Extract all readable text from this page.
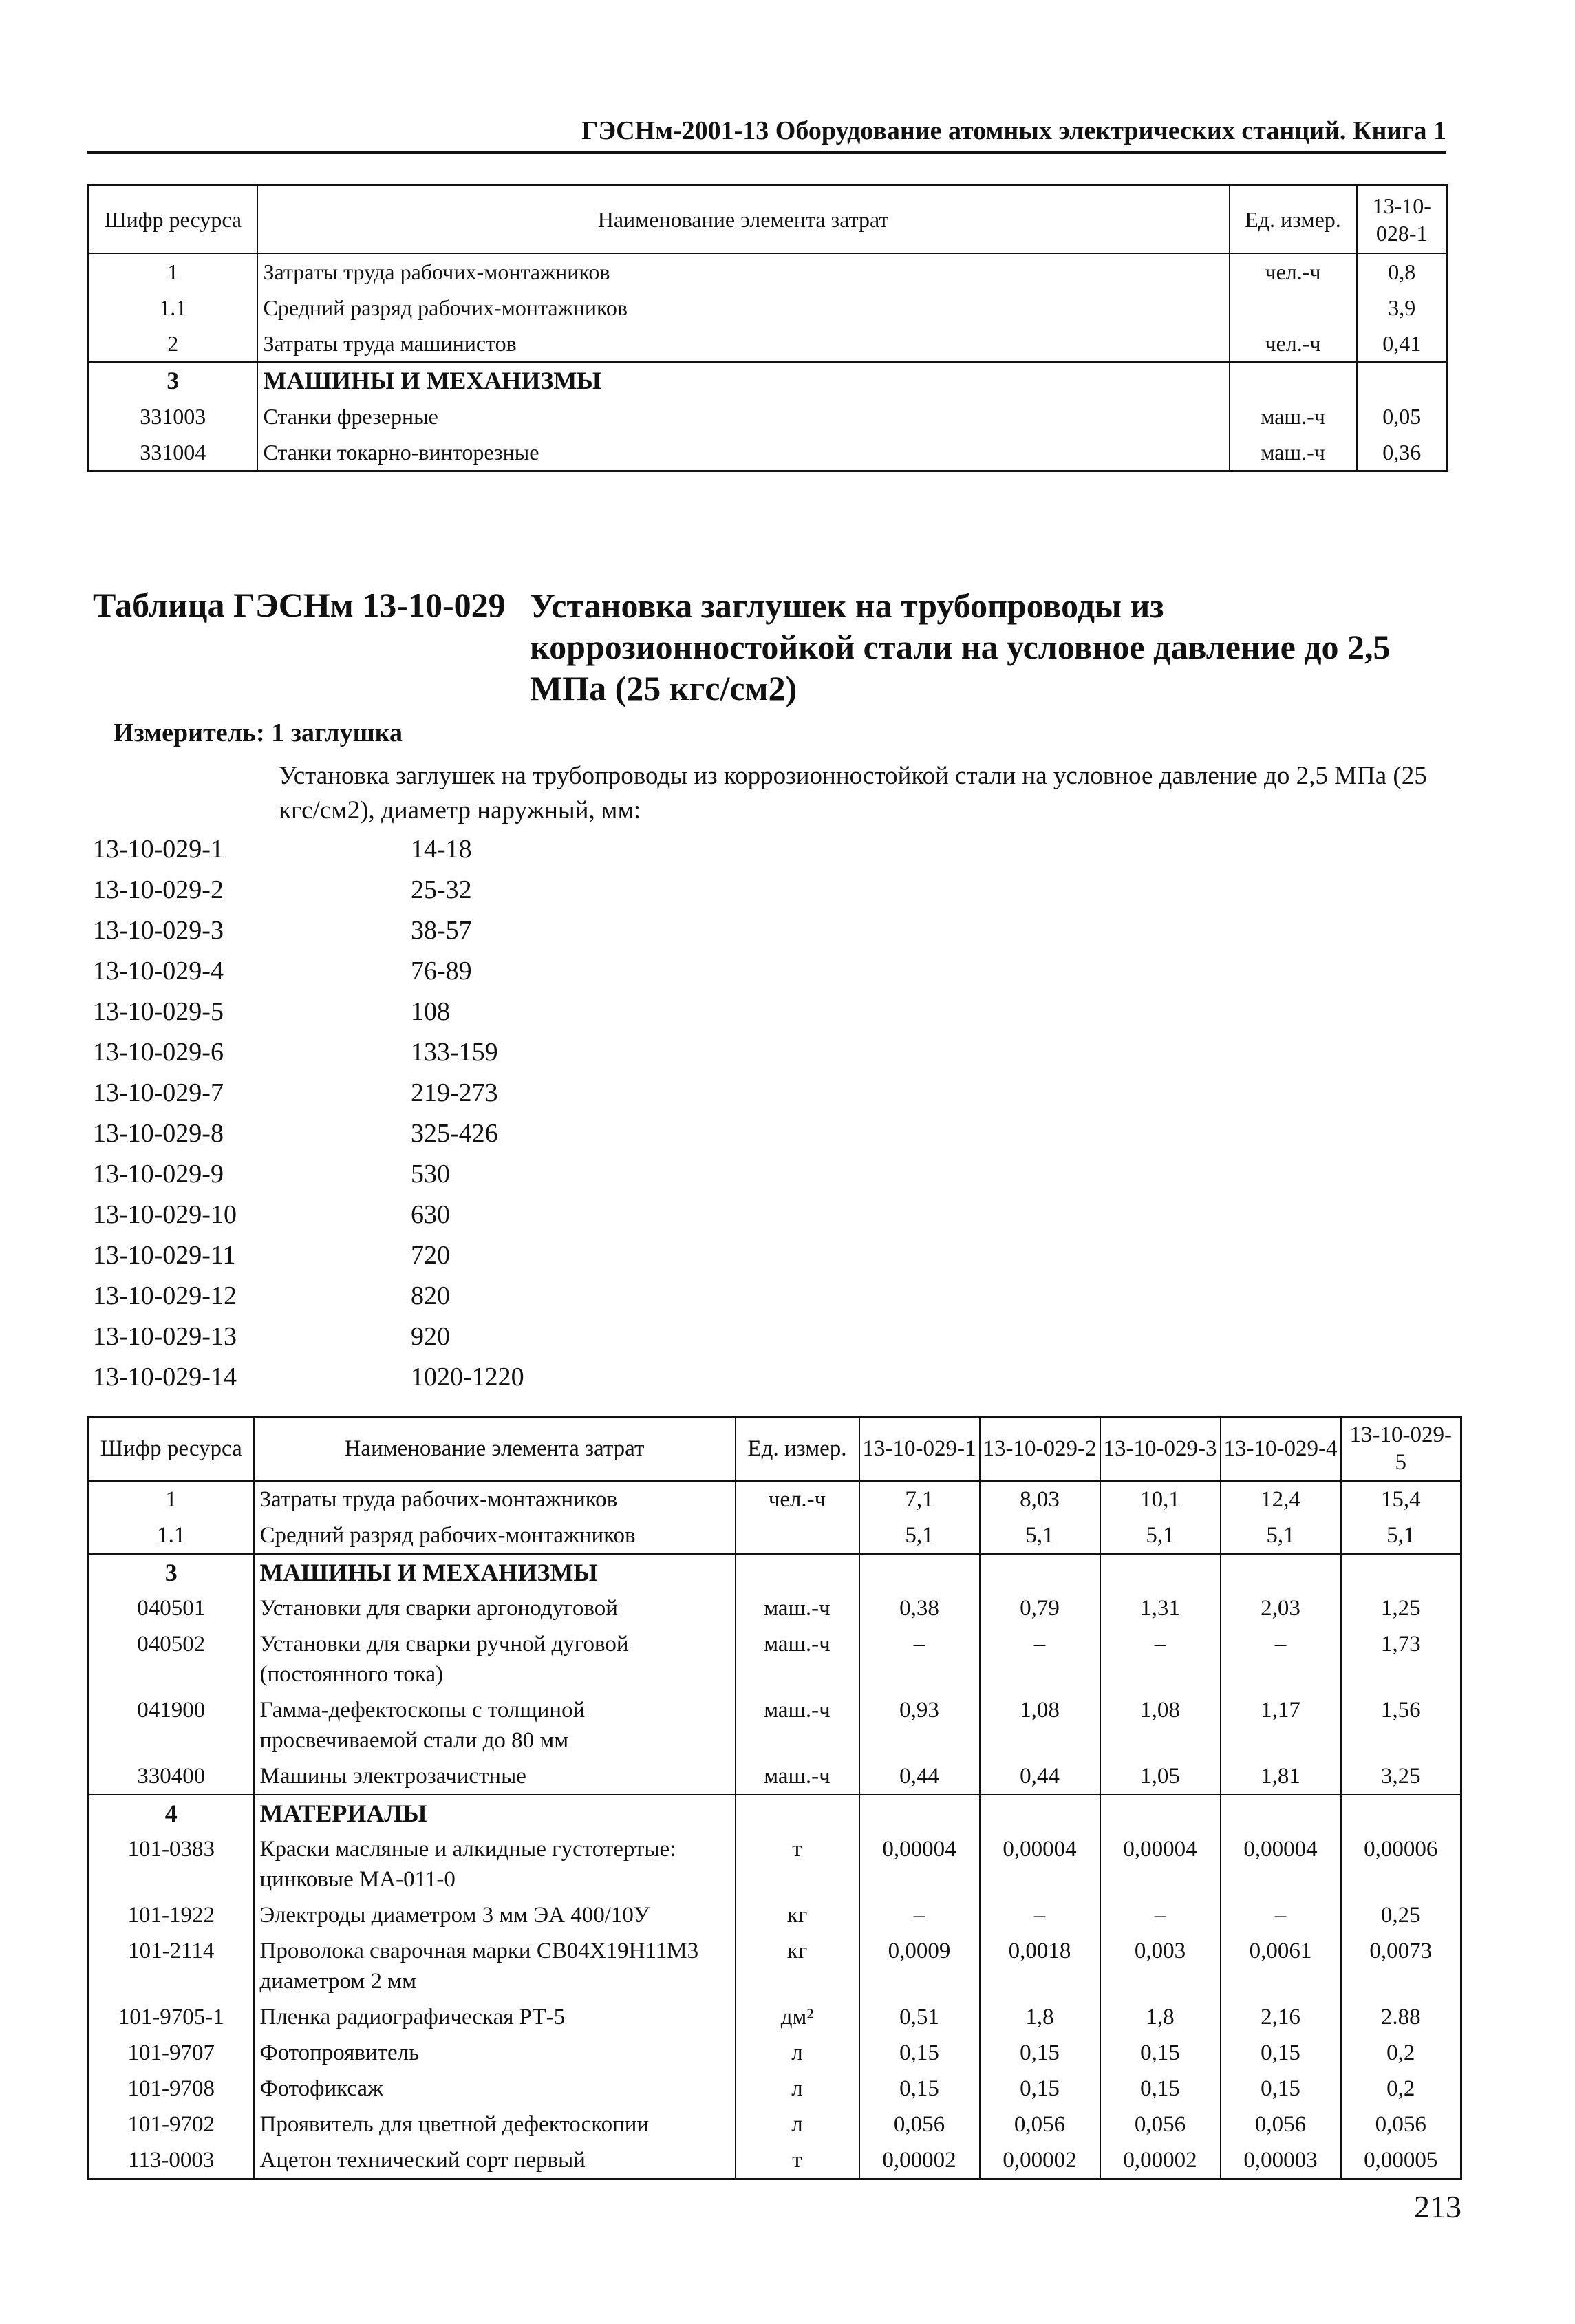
ГЭСНм-2001-13 Оборудование атомных электрических станций. Книга 1
Шифр ресурса	Наименование элемента затрат	Ед. измер.	13-10-028-1
1	Затраты труда рабочих-монтажников	чел.-ч	0,8
1.1	Средний разряд рабочих-монтажников		3,9
2	Затраты труда машинистов	чел.-ч	0,41
3	МАШИНЫ И МЕХАНИЗМЫ		
331003	Станки фрезерные	маш.-ч	0,05
331004	Станки токарно-винторезные	маш.-ч	0,36
Таблица ГЭСНм 13-10-029 Установка заглушек на трубопроводы из коррозионностойкой стали на условное давление до 2,5 МПа (25 кгс/см2)
Измеритель: 1 заглушка
Установка заглушек на трубопроводы из коррозионностойкой стали на условное давление до 2,5 МПа (25 кгс/см2), диаметр наружный, мм:
13-10-029-1	14-18
13-10-029-2	25-32
13-10-029-3	38-57
13-10-029-4	76-89
13-10-029-5	108
13-10-029-6	133-159
13-10-029-7	219-273
13-10-029-8	325-426
13-10-029-9	530
13-10-029-10	630
13-10-029-11	720
13-10-029-12	820
13-10-029-13	920
13-10-029-14	1020-1220
Шифр ресурса	Наименование элемента затрат	Ед. измер.	13-10-029-1	13-10-029-2	13-10-029-3	13-10-029-4	13-10-029-5
1	Затраты труда рабочих-монтажников	чел.-ч	7,1	8,03	10,1	12,4	15,4
1.1	Средний разряд рабочих-монтажников		5,1	5,1	5,1	5,1	5,1
3	МАШИНЫ И МЕХАНИЗМЫ						
040501	Установки для сварки аргонодуговой	маш.-ч	0,38	0,79	1,31	2,03	1,25
040502	Установки для сварки ручной дуговой (постоянного тока)	маш.-ч	–	–	–	–	1,73
041900	Гамма-дефектоскопы с толщиной просвечиваемой стали до 80 мм	маш.-ч	0,93	1,08	1,08	1,17	1,56
330400	Машины электрозачистные	маш.-ч	0,44	0,44	1,05	1,81	3,25
4	МАТЕРИАЛЫ						
101-0383	Краски масляные и алкидные густотертые: цинковые МА-011-0	т	0,00004	0,00004	0,00004	0,00004	0,00006
101-1922	Электроды диаметром 3 мм ЭА 400/10У	кг	–	–	–	–	0,25
101-2114	Проволока сварочная марки СВ04Х19Н11М3 диаметром 2 мм	кг	0,0009	0,0018	0,003	0,0061	0,0073
101-9705-1	Пленка радиографическая РТ-5	дм²	0,51	1,8	1,8	2,16	2.88
101-9707	Фотопроявитель	л	0,15	0,15	0,15	0,15	0,2
101-9708	Фотофиксаж	л	0,15	0,15	0,15	0,15	0,2
101-9702	Проявитель для цветной дефектоскопии	л	0,056	0,056	0,056	0,056	0,056
113-0003	Ацетон технический сорт первый	т	0,00002	0,00002	0,00002	0,00003	0,00005
213
